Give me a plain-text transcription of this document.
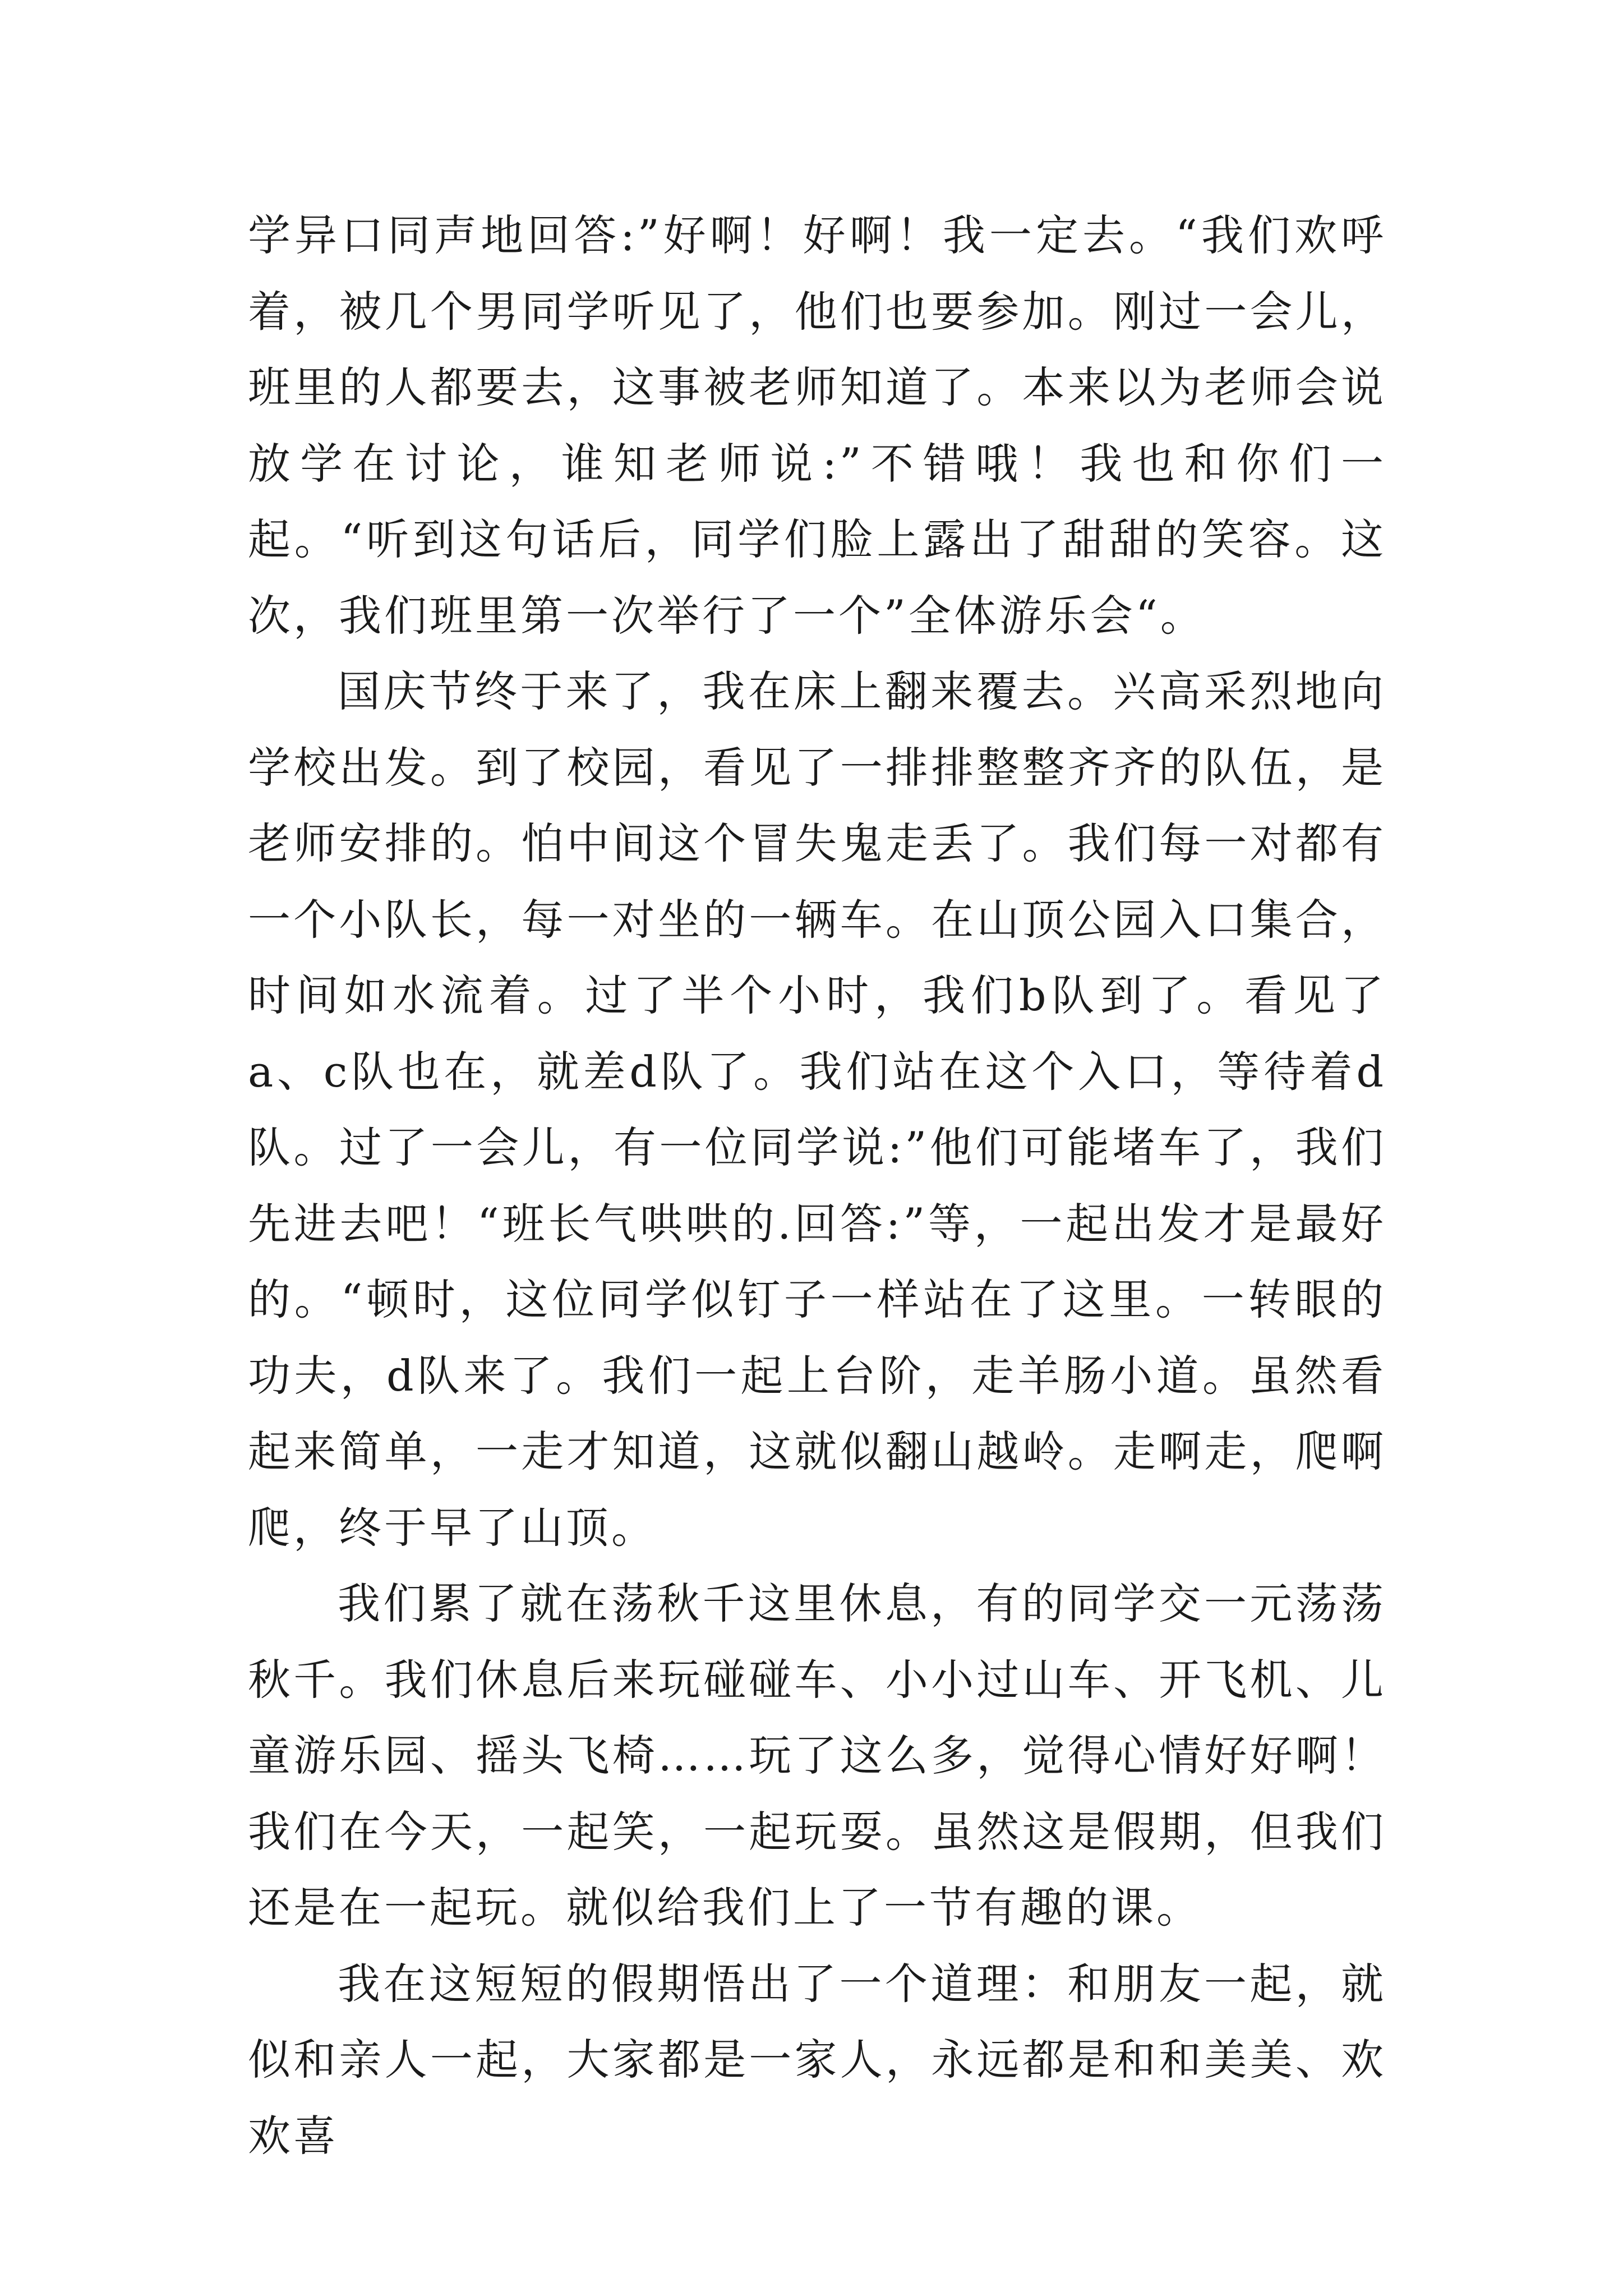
学异口同声地回答:”好啊！好啊！我一定去。“我们欢呼着，被几个男同学听见了，他们也要参加。刚过一会儿，班里的人都要去，这事被老师知道了。本来以为老师会说放学在讨论，谁知老师说:”不错哦！我也和你们一起。“听到这句话后，同学们脸上露出了甜甜的笑容。这次，我们班里第一次举行了一个”全体游乐会“。

国庆节终于来了，我在床上翻来覆去。兴高采烈地向学校出发。到了校园，看见了一排排整整齐齐的队伍，是老师安排的。怕中间这个冒失鬼走丢了。我们每一对都有一个小队长，每一对坐的一辆车。在山顶公园入口集合，时间如水流着。过了半个小时，我们b队到了。看见了a、c队也在，就差d队了。我们站在这个入口，等待着d队。过了一会儿，有一位同学说:”他们可能堵车了，我们先进去吧！“班长气哄哄的.回答:”等，一起出发才是最好的。“顿时，这位同学似钉子一样站在了这里。一转眼的功夫，d队来了。我们一起上台阶，走羊肠小道。虽然看起来简单，一走才知道，这就似翻山越岭。走啊走，爬啊爬，终于早了山顶。

我们累了就在荡秋千这里休息，有的同学交一元荡荡秋千。我们休息后来玩碰碰车、小小过山车、开飞机、儿童游乐园、摇头飞椅……玩了这么多，觉得心情好好啊！我们在今天，一起笑，一起玩耍。虽然这是假期，但我们还是在一起玩。就似给我们上了一节有趣的课。

我在这短短的假期悟出了一个道理：和朋友一起，就似和亲人一起，大家都是一家人，永远都是和和美美、欢欢喜
